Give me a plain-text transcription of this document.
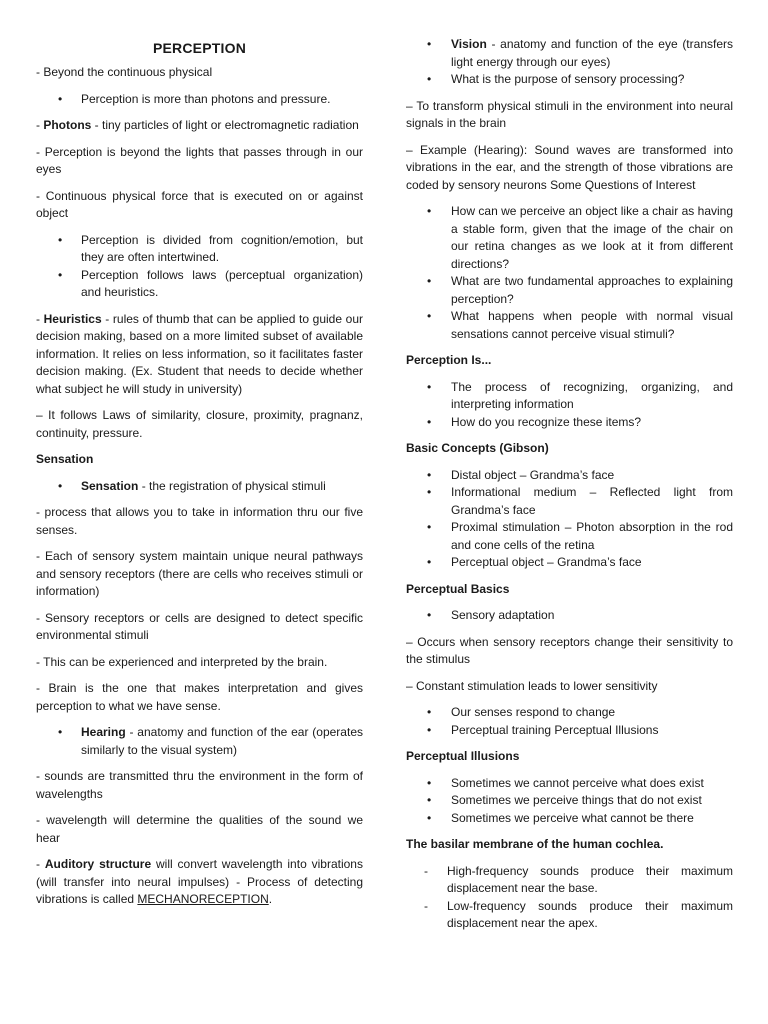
PERCEPTION

- Beyond the continuous physical

• Perception is more than photons and pressure.

- Photons - tiny particles of light or electromagnetic radiation

- Perception is beyond the lights that passes through in our eyes

- Continuous physical force that is executed on or against object

• Perception is divided from cognition/emotion, but they are often intertwined.
• Perception follows laws (perceptual organization) and heuristics.

- Heuristics - rules of thumb that can be applied to guide our decision making, based on a more limited subset of available information. It relies on less information, so it facilitates faster decision making. (Ex. Student that needs to decide whether what subject he will study in university)

– It follows Laws of similarity, closure, proximity, pragnanz, continuity, pressure.

Sensation
• Sensation - the registration of physical stimuli

- process that allows you to take in information thru our five senses.

- Each of sensory system maintain unique neural pathways and sensory receptors (there are cells who receives stimuli or information)

- Sensory receptors or cells are designed to detect specific environmental stimuli

- This can be experienced and interpreted by the brain.

- Brain is the one that makes interpretation and gives perception to what we have sense.

• Hearing - anatomy and function of the ear (operates similarly to the visual system)

- sounds are transmitted thru the environment in the form of wavelengths

- wavelength will determine the qualities of the sound we hear

- Auditory structure will convert wavelength into vibrations (will transfer into neural impulses) - Process of detecting vibrations is called MECHANORECEPTION.

• Vision - anatomy and function of the eye (transfers light energy through our eyes)
• What is the purpose of sensory processing?

– To transform physical stimuli in the environment into neural signals in the brain

– Example (Hearing): Sound waves are transformed into vibrations in the ear, and the strength of those vibrations are coded by sensory neurons Some Questions of Interest

• How can we perceive an object like a chair as having a stable form, given that the image of the chair on our retina changes as we look at it from different directions?
• What are two fundamental approaches to explaining perception?
• What happens when people with normal visual sensations cannot perceive visual stimuli?
Perception Is...
• The process of recognizing, organizing, and interpreting information
• How do you recognize these items?
Basic Concepts (Gibson)
• Distal object – Grandma’s face
• Informational medium – Reflected light from Grandma’s face
• Proximal stimulation – Photon absorption in the rod and cone cells of the retina
• Perceptual object – Grandma’s face
Perceptual Basics
• Sensory adaptation

– Occurs when sensory receptors change their sensitivity to the stimulus

– Constant stimulation leads to lower sensitivity

• Our senses respond to change
• Perceptual training Perceptual Illusions
Perceptual Illusions
• Sometimes we cannot perceive what does exist
• Sometimes we perceive things that do not exist
• Sometimes we perceive what cannot be there
The basilar membrane of the human cochlea.
- High-frequency sounds produce their maximum displacement near the base.
- Low-frequency sounds produce their maximum displacement near the apex.
